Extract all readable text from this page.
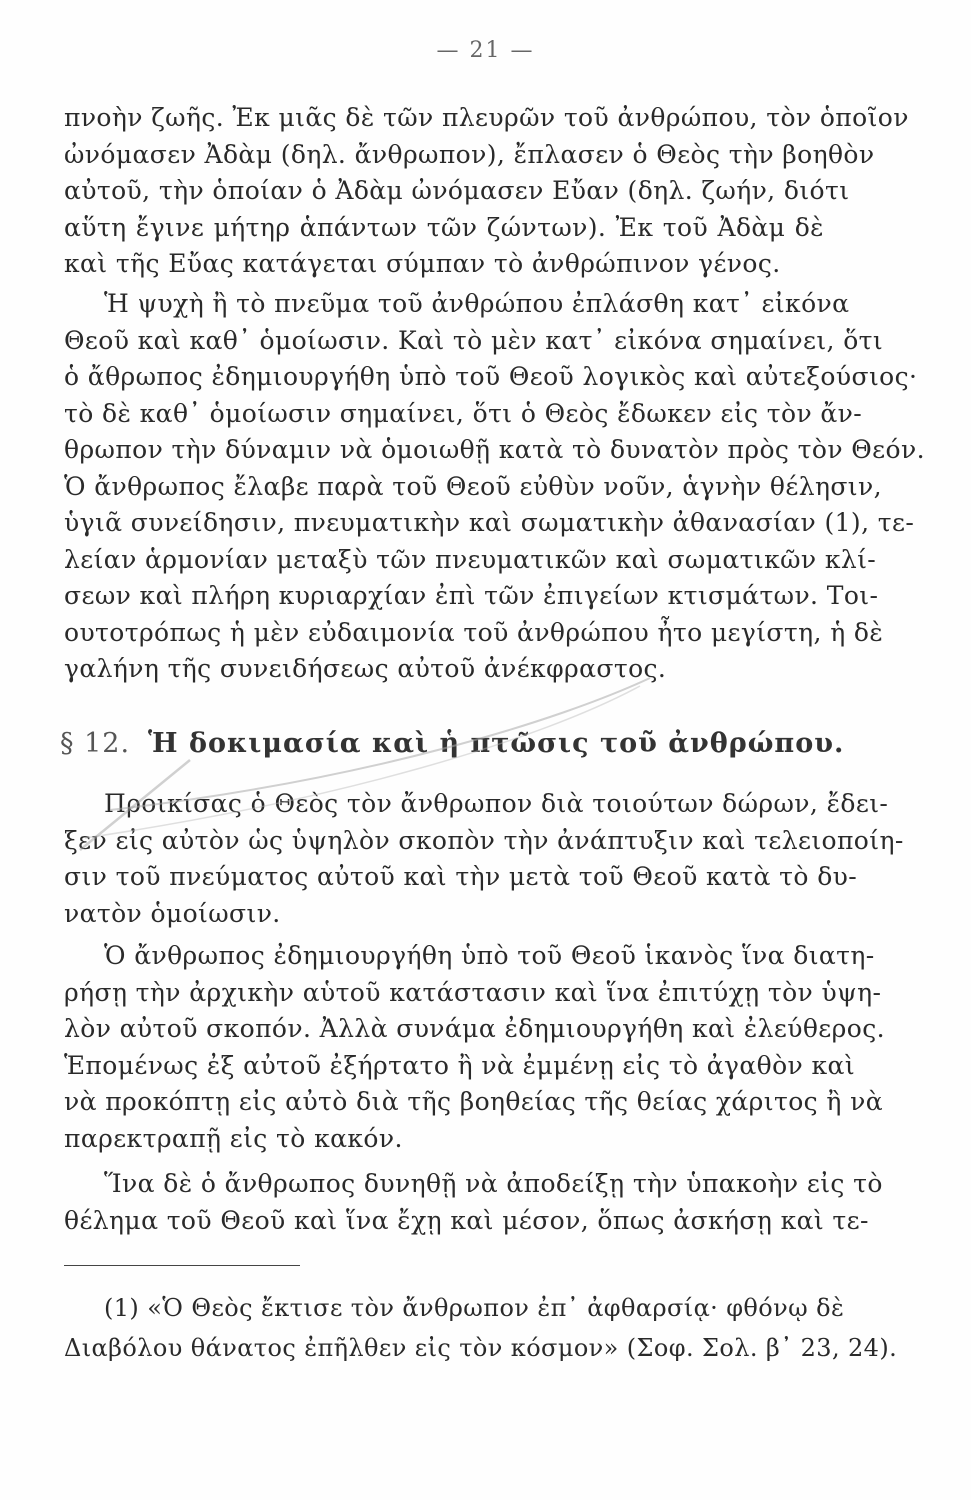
— 21 —
πνοὴν ζωῆς. Ἐκ μιᾶς δὲ τῶν πλευρῶν τοῦ ἀνθρώπου, τὸν ὁποῖον
ὠνόμασεν Ἀδὰμ (δηλ. ἄνθρωπον), ἔπλασεν ὁ Θεὸς τὴν βοηθὸν
αὐτοῦ, τὴν ὁποίαν ὁ Ἀδὰμ ὠνόμασεν Εὔαν (δηλ. ζωήν, διότι
αὕτη ἔγινε μήτηρ ἁπάντων τῶν ζώντων). Ἐκ τοῦ Ἀδὰμ δὲ
καὶ τῆς Εὔας κατάγεται σύμπαν τὸ ἀνθρώπινον γένος.
Ἡ ψυχὴ ἢ τὸ πνεῦμα τοῦ ἀνθρώπου ἐπλάσθη κατ᾽ εἰκόνα
Θεοῦ καὶ καθ᾽ ὁμοίωσιν. Καὶ τὸ μὲν κατ᾽ εἰκόνα σημαίνει, ὅτι
ὁ ἄθρωπος ἐδημιουργήθη ὑπὸ τοῦ Θεοῦ λογικὸς καὶ αὐτεξούσιος·
τὸ δὲ καθ᾽ ὁμοίωσιν σημαίνει, ὅτι ὁ Θεὸς ἔδωκεν εἰς τὸν ἄν-
θρωπον τὴν δύναμιν νὰ ὁμοιωθῇ κατὰ τὸ δυνατὸν πρὸς τὸν Θεόν.
Ὁ ἄνθρωπος ἔλαβε παρὰ τοῦ Θεοῦ εὐθὺν νοῦν, ἁγνὴν θέλησιν,
ὑγιᾶ συνείδησιν, πνευματικὴν καὶ σωματικὴν ἀθανασίαν (1), τε-
λείαν ἁρμονίαν μεταξὺ τῶν πνευματικῶν καὶ σωματικῶν κλί-
σεων καὶ πλήρη κυριαρχίαν ἐπὶ τῶν ἐπιγείων κτισμάτων. Τοι-
ουτοτρόπως ἡ μὲν εὐδαιμονία τοῦ ἀνθρώπου ἦτο μεγίστη, ἡ δὲ
γαλήνη τῆς συνειδήσεως αὐτοῦ ἀνέκφραστος.
§ 12. Ἡ δοκιμασία καὶ ἡ πτῶσις τοῦ ἀνθρώπου.
Προικίσας ὁ Θεὸς τὸν ἄνθρωπον διὰ τοιούτων δώρων, ἔδει-
ξεν εἰς αὐτὸν ὡς ὑψηλὸν σκοπὸν τὴν ἀνάπτυξιν καὶ τελειοποίη-
σιν τοῦ πνεύματος αὐτοῦ καὶ τὴν μετὰ τοῦ Θεοῦ κατὰ τὸ δυ-
νατὸν ὁμοίωσιν.
Ὁ ἄνθρωπος ἐδημιουργήθη ὑπὸ τοῦ Θεοῦ ἱκανὸς ἵνα διατη-
ρήσῃ τὴν ἀρχικὴν αὑτοῦ κατάστασιν καὶ ἵνα ἐπιτύχῃ τὸν ὑψη-
λὸν αὐτοῦ σκοπόν. Ἀλλὰ συνάμα ἐδημιουργήθη καὶ ἐλεύθερος.
Ἑπομένως ἐξ αὐτοῦ ἐξήρτατο ἢ νὰ ἐμμένῃ εἰς τὸ ἀγαθὸν καὶ
νὰ προκόπτῃ εἰς αὐτὸ διὰ τῆς βοηθείας τῆς θείας χάριτος ἢ νὰ
παρεκτραπῇ εἰς τὸ κακόν.
Ἵνα δὲ ὁ ἄνθρωπος δυνηθῇ νὰ ἀποδείξῃ τὴν ὑπακοὴν εἰς τὸ
θέλημα τοῦ Θεοῦ καὶ ἵνα ἔχῃ καὶ μέσον, ὅπως ἀσκήσῃ καὶ τε-
(1) «Ὁ Θεὸς ἔκτισε τὸν ἄνθρωπον ἐπ᾽ ἀφθαρσίᾳ· φθόνῳ δὲ
Διαβόλου θάνατος ἐπῆλθεν εἰς τὸν κόσμον» (Σοφ. Σολ. β᾽ 23, 24).
